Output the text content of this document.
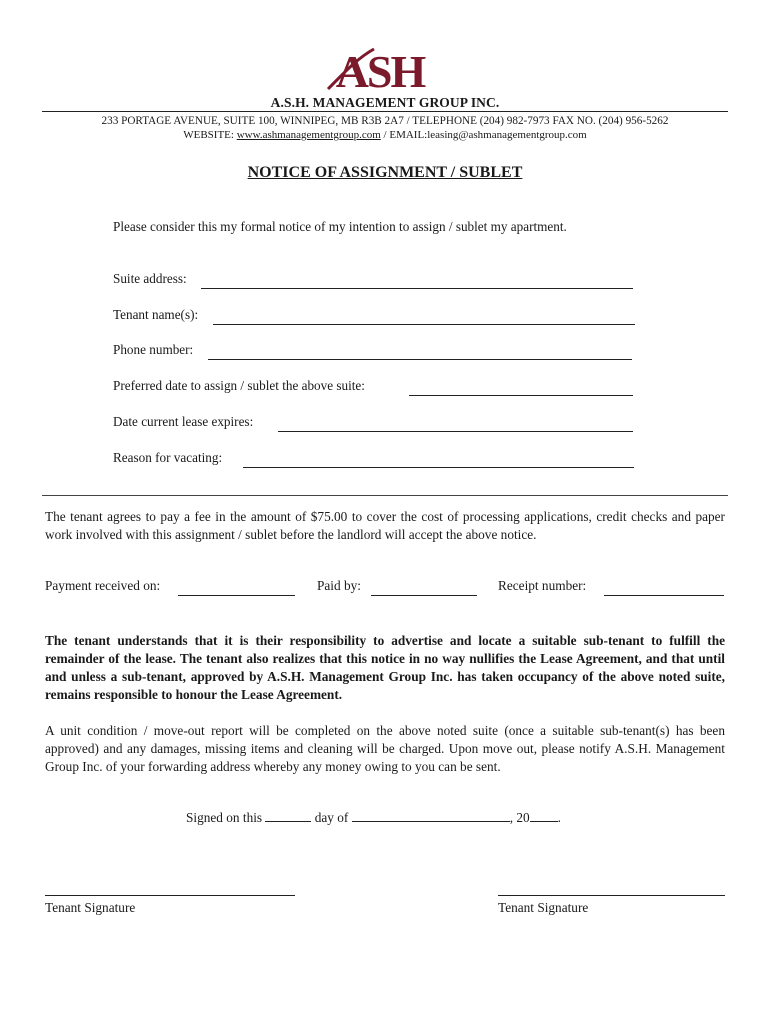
ASH
A.S.H. MANAGEMENT GROUP INC.
233 PORTAGE AVENUE, SUITE 100, WINNIPEG, MB R3B 2A7 / TELEPHONE (204) 982-7973 FAX NO. (204) 956-5262
WEBSITE: www.ashmanagementgroup.com / EMAIL:leasing@ashmanagementgroup.com
NOTICE OF ASSIGNMENT / SUBLET
Please consider this my formal notice of my intention to assign / sublet my apartment.
Suite address:
Tenant name(s):
Phone number:
Preferred date to assign / sublet the above suite:
Date current lease expires:
Reason for vacating:
The tenant agrees to pay a fee in the amount of $75.00 to cover the cost of processing applications, credit checks and paper work involved with this assignment / sublet before the landlord will accept the above notice.
Payment received on:	Paid by:	Receipt number:
The tenant understands that it is their responsibility to advertise and locate a suitable sub-tenant to fulfill the remainder of the lease. The tenant also realizes that this notice in no way nullifies the Lease Agreement, and that until and unless a sub-tenant, approved by A.S.H. Management Group Inc. has taken occupancy of the above noted suite, remains responsible to honour the Lease Agreement.
A unit condition / move-out report will be completed on the above noted suite (once a suitable sub-tenant(s) has been approved) and any damages, missing items and cleaning will be charged. Upon move out, please notify A.S.H. Management Group Inc. of your forwarding address whereby any money owing to you can be sent.
Signed on this	day of	, 20 .
Tenant Signature	Tenant Signature
